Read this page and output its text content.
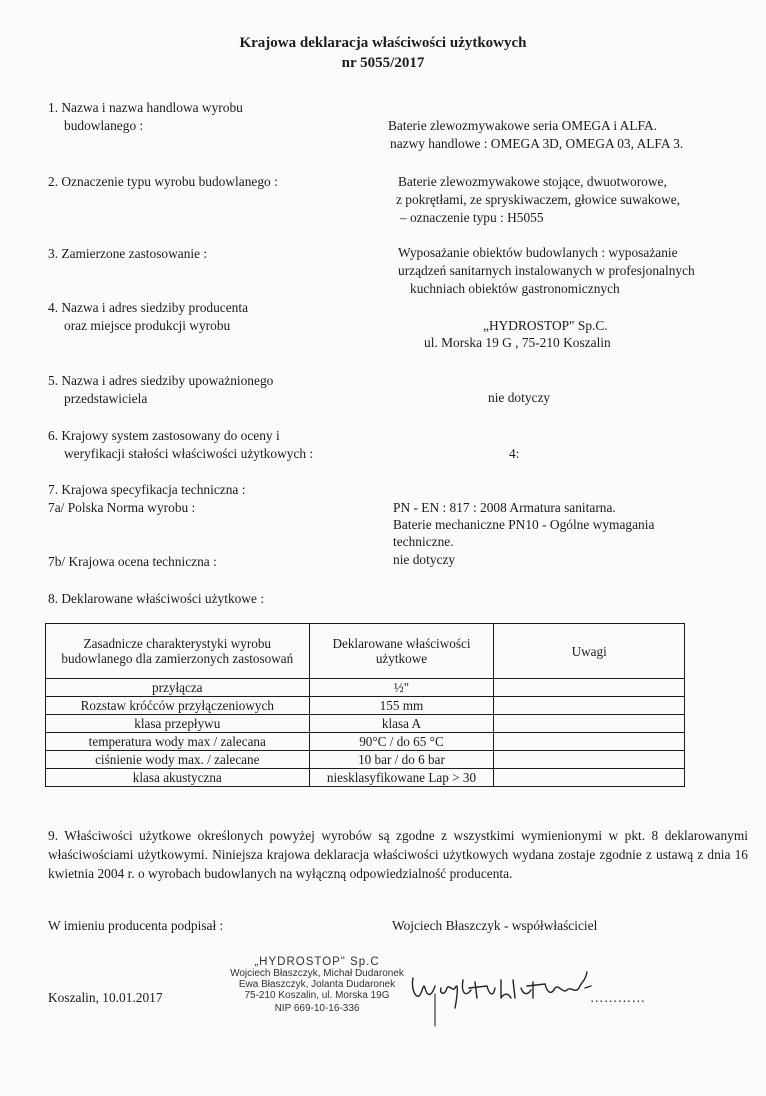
Krajowa deklaracja właściwości użytkowych
nr 5055/2017
1. Nazwa i nazwa handlowa wyrobu
budowlanego :	Baterie zlewozmywakowe seria OMEGA i ALFA.
nazwy handlowe : OMEGA 3D, OMEGA 03, ALFA 3.
2. Oznaczenie typu wyrobu budowlanego :	Baterie zlewozmywakowe stojące, dwuotworowe,
z pokrętłami, ze spryskiwaczem, głowice suwakowe,
– oznaczenie typu : H5055
3. Zamierzone zastosowanie :	Wyposażanie obiektów budowlanych : wyposażanie
urządzeń sanitarnych instalowanych w profesjonalnych
kuchniach obiektów gastronomicznych
4. Nazwa i adres siedziby producenta
oraz miejsce produkcji wyrobu	„HYDROSTOP" Sp.C.
ul. Morska 19 G , 75-210 Koszalin
5. Nazwa i adres siedziby upoważnionego
przedstawiciela	nie dotyczy
6. Krajowy system zastosowany do oceny i
weryfikacji stałości właściwości użytkowych :	4:
7. Krajowa specyfikacja techniczna :
7a/ Polska Norma wyrobu :	PN - EN : 817 : 2008 Armatura sanitarna.
Baterie mechaniczne PN10 - Ogólne wymagania
techniczne.
7b/ Krajowa ocena techniczna :	nie dotyczy
8. Deklarowane właściwości użytkowe :
Zasadnicze charakterystyki wyrobu budowlanego dla zamierzonych zastosowań	Deklarowane właściwości użytkowe	Uwagi
przyłącza	½"	
Rozstaw króćców przyłączeniowych	155 mm	
klasa przepływu	klasa A	
temperatura wody max / zalecana	90°C / do 65 °C	
ciśnienie wody max. / zalecane	10 bar / do 6 bar	
klasa akustyczna	niesklasyfikowane Lap > 30	
9. Właściwości użytkowe określonych powyżej wyrobów są zgodne z wszystkimi wymienionymi w pkt. 8 deklarowanymi właściwościami użytkowymi. Niniejsza krajowa deklaracja właściwości użytkowych wydana zostaje zgodnie z ustawą z dnia 16 kwietnia 2004 r. o wyrobach budowlanych na wyłączną odpowiedzialność producenta.
W imieniu producenta podpisał :	Wojciech Błaszczyk - współwłaściciel
Koszalin, 10.01.2017
„HYDROSTOP" Sp.C
Wojciech Błaszczyk, Michał Dudaronek
Ewa Błaszczyk, Jolanta Dudaronek
75-210 Koszalin, ul. Morska 19G
NIP 669-10-16-336
…………
